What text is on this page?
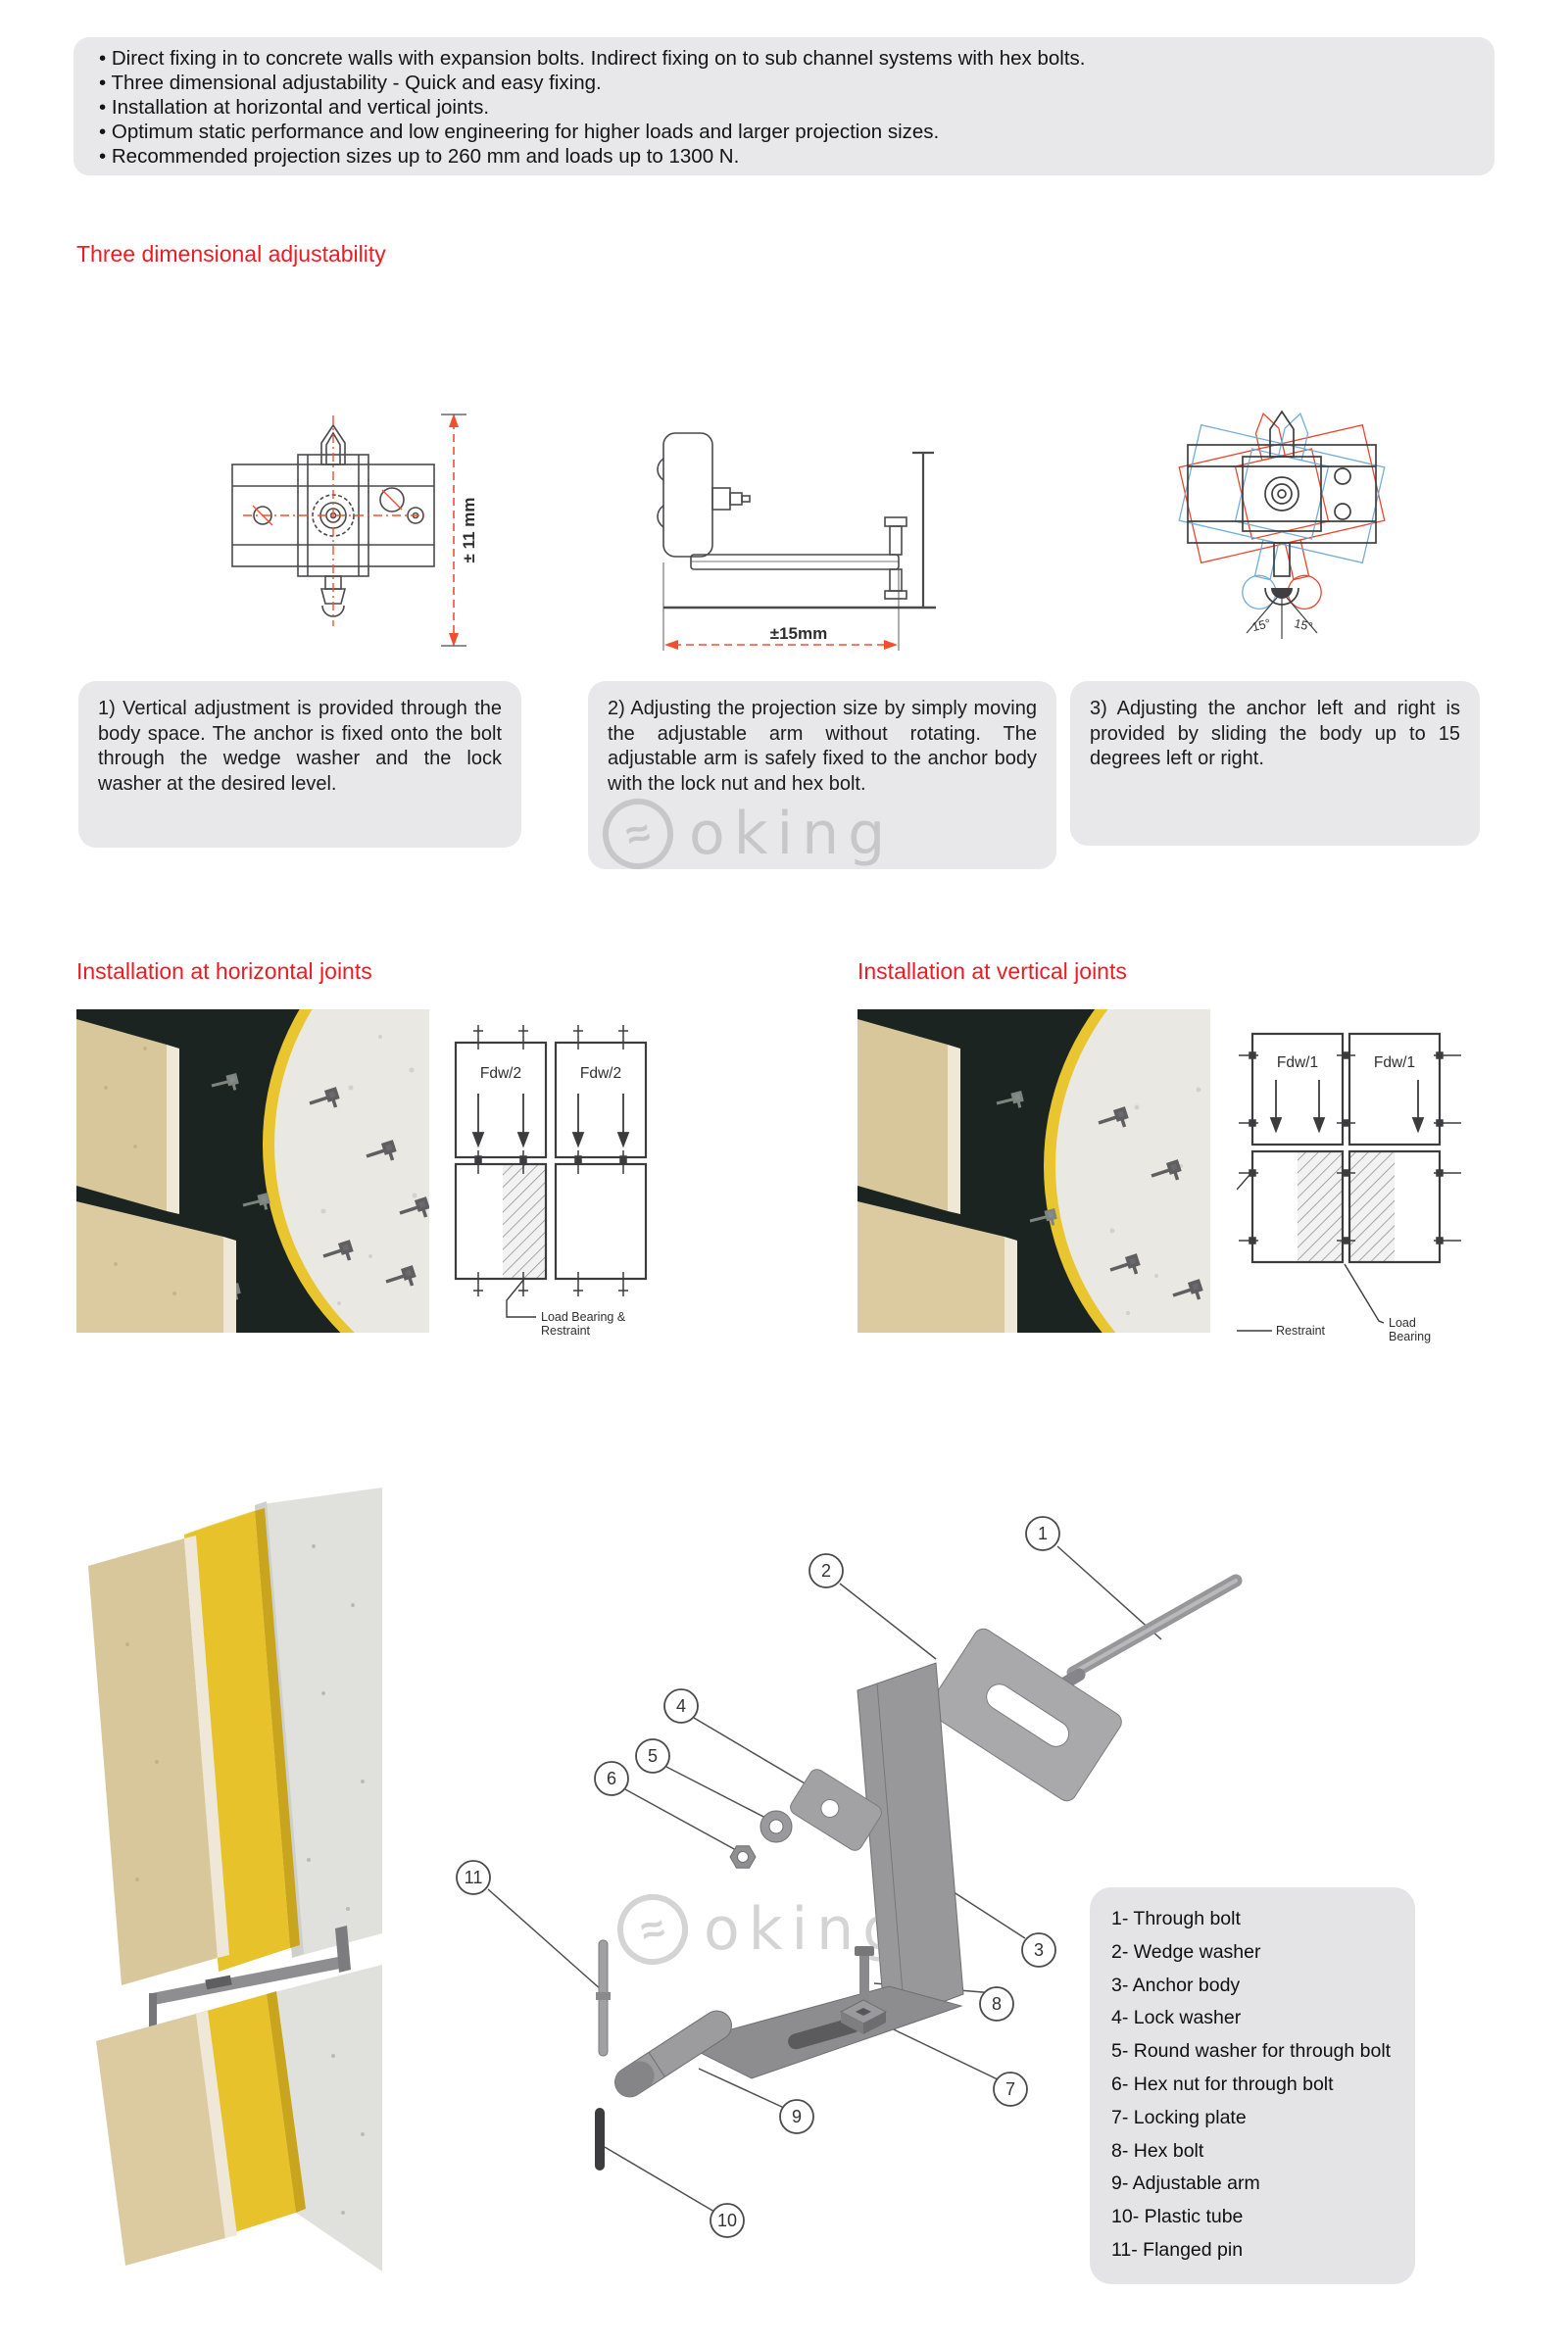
• Direct fixing in to concrete walls with expansion bolts. Indirect fixing on to sub channel systems with hex bolts.

• Three dimensional adjustability - Quick and easy fixing.

• Installation at horizontal and vertical joints.

• Optimum static performance and low engineering for higher loads and larger projection sizes.

• Recommended projection sizes up to 260 mm and loads up to 1300 N.

Three dimensional adjustability
± 11 mm
±15mm	15° 15°

1) Vertical adjustment is provided through the body space. The anchor is fixed onto the bolt through the wedge washer and the lock washer at the desired level.

2) Adjusting the projection size by simply moving the adjustable arm without rotating. The adjustable arm is safely fixed to the anchor body with the lock nut and hex bolt.

3) Adjusting the anchor left and right is provided by sliding the body up to 15 degrees left or right.

≈ oking
Installation at horizontal joints	Installation at vertical joints
Fdw/2	Fdw/2
Load Bearing &
Restraint
Fdw/1	Fdw/1
Restraint
Load
Bearing
1
2
3
4
5
6
7
8
9
10
11
≈ oking	1- Through bolt
2- Wedge washer
3- Anchor body
4- Lock washer
5- Round washer for through bolt
6- Hex nut for through bolt
7- Locking plate
8- Hex bolt
9- Adjustable arm
10- Plastic tube
11- Flanged pin
